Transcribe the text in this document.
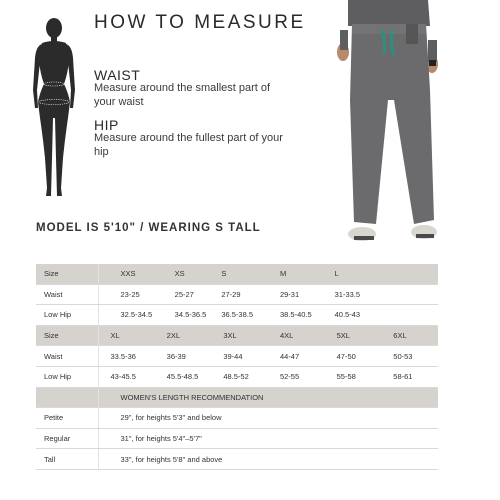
HOW TO MEASURE
WAIST
Measure around the smallest part of your waist
HIP
Measure around the fullest part of your hip
MODEL IS 5'10" / WEARING S TALL
Size	XXS	XS	S	M	L	
Waist	23-25	25-27	27-29	29-31	31-33.5	
Low Hip	32.5-34.5	34.5-36.5	36.5-38.5	38.5-40.5	40.5-43	
Size	XL	2XL	3XL	4XL	5XL	6XL
Waist	33.5-36	36-39	39-44	44-47	47-50	50-53
Low Hip	43-45.5	45.5-48.5	48.5-52	52-55	55-58	58-61
	WOMEN'S LENGTH RECOMMENDATION					
Petite	29", for heights 5'3" and below					
Regular	31", for heights 5'4"–5'7"					
Tall	33", for heights 5'8" and above					
